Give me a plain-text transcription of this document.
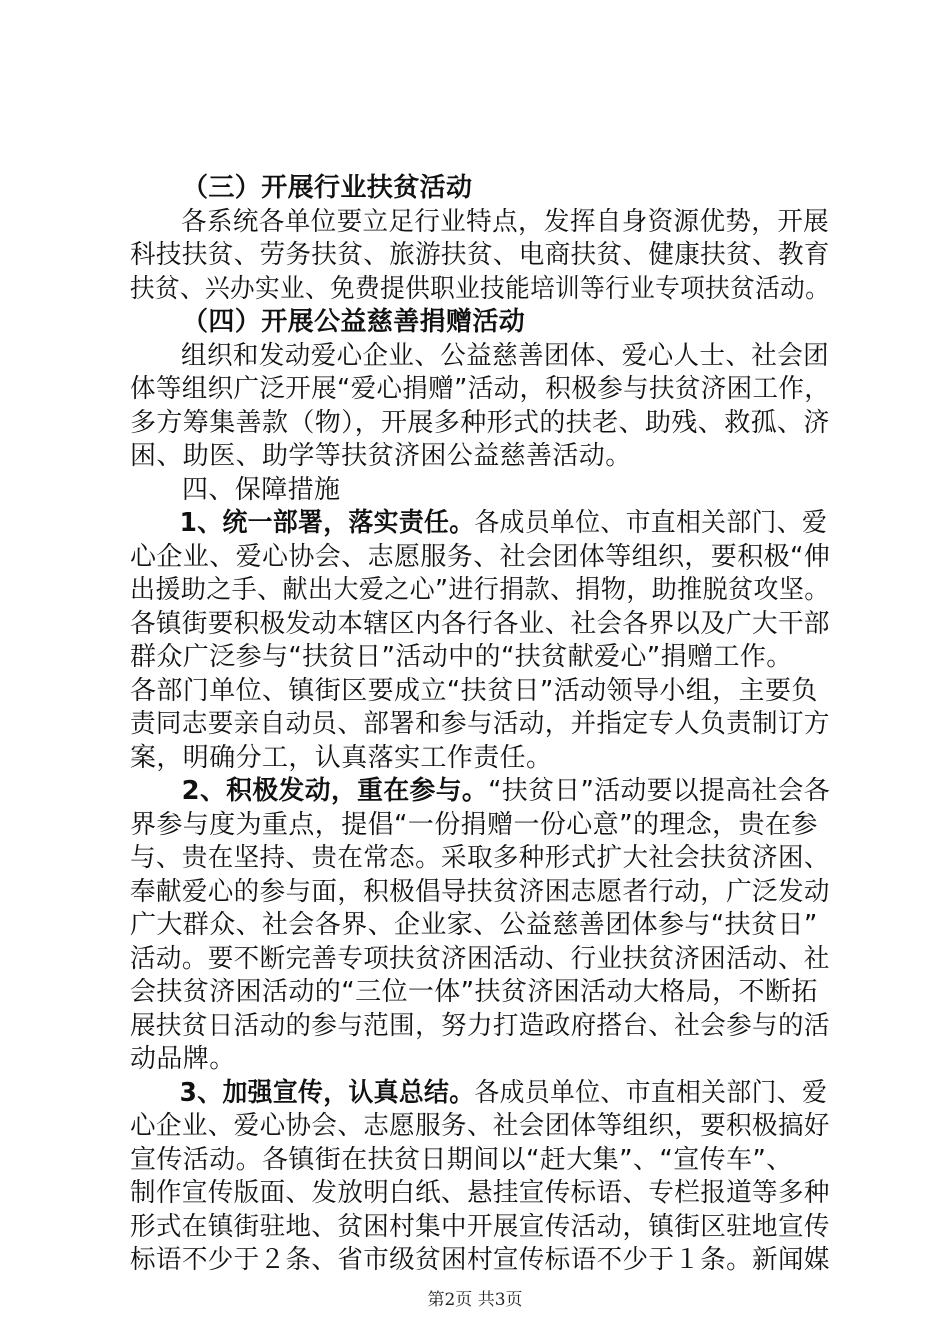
（三）开展行业扶贫活动
各系统各单位要立足行业特点，发挥自身资源优势，开展
科技扶贫、劳务扶贫、旅游扶贫、电商扶贫、健康扶贫、教育
扶贫、兴办实业、免费提供职业技能培训等行业专项扶贫活动。
（四）开展公益慈善捐赠活动
组织和发动爱心企业、公益慈善团体、爱心人士、社会团
体等组织广泛开展“爱心捐赠”活动，积极参与扶贫济困工作，
多方筹集善款（物），开展多种形式的扶老、助残、救孤、济
困、助医、助学等扶贫济困公益慈善活动。
四、保障措施
1、统一部署，落实责任。各成员单位、市直相关部门、爱
心企业、爱心协会、志愿服务、社会团体等组织，要积极“伸
出援助之手、献出大爱之心”进行捐款、捐物，助推脱贫攻坚。
各镇街要积极发动本辖区内各行各业、社会各界以及广大干部
群众广泛参与“扶贫日”活动中的“扶贫献爱心”捐赠工作。
各部门单位、镇街区要成立“扶贫日”活动领导小组，主要负
责同志要亲自动员、部署和参与活动，并指定专人负责制订方
案，明确分工，认真落实工作责任。
2、积极发动，重在参与。“扶贫日”活动要以提高社会各
界参与度为重点，提倡“一份捐赠一份心意”的理念，贵在参
与、贵在坚持、贵在常态。采取多种形式扩大社会扶贫济困、
奉献爱心的参与面，积极倡导扶贫济困志愿者行动，广泛发动
广大群众、社会各界、企业家、公益慈善团体参与“扶贫日”
活动。要不断完善专项扶贫济困活动、行业扶贫济困活动、社
会扶贫济困活动的“三位一体”扶贫济困活动大格局，不断拓
展扶贫日活动的参与范围，努力打造政府搭台、社会参与的活
动品牌。
3、加强宣传，认真总结。各成员单位、市直相关部门、爱
心企业、爱心协会、志愿服务、社会团体等组织，要积极搞好
宣传活动。各镇街在扶贫日期间以“赶大集”、“宣传车”、
制作宣传版面、发放明白纸、悬挂宣传标语、专栏报道等多种
形式在镇街驻地、贫困村集中开展宣传活动，镇街区驻地宣传
标语不少于２条、省市级贫困村宣传标语不少于１条。新闻媒
第2页 共3页
